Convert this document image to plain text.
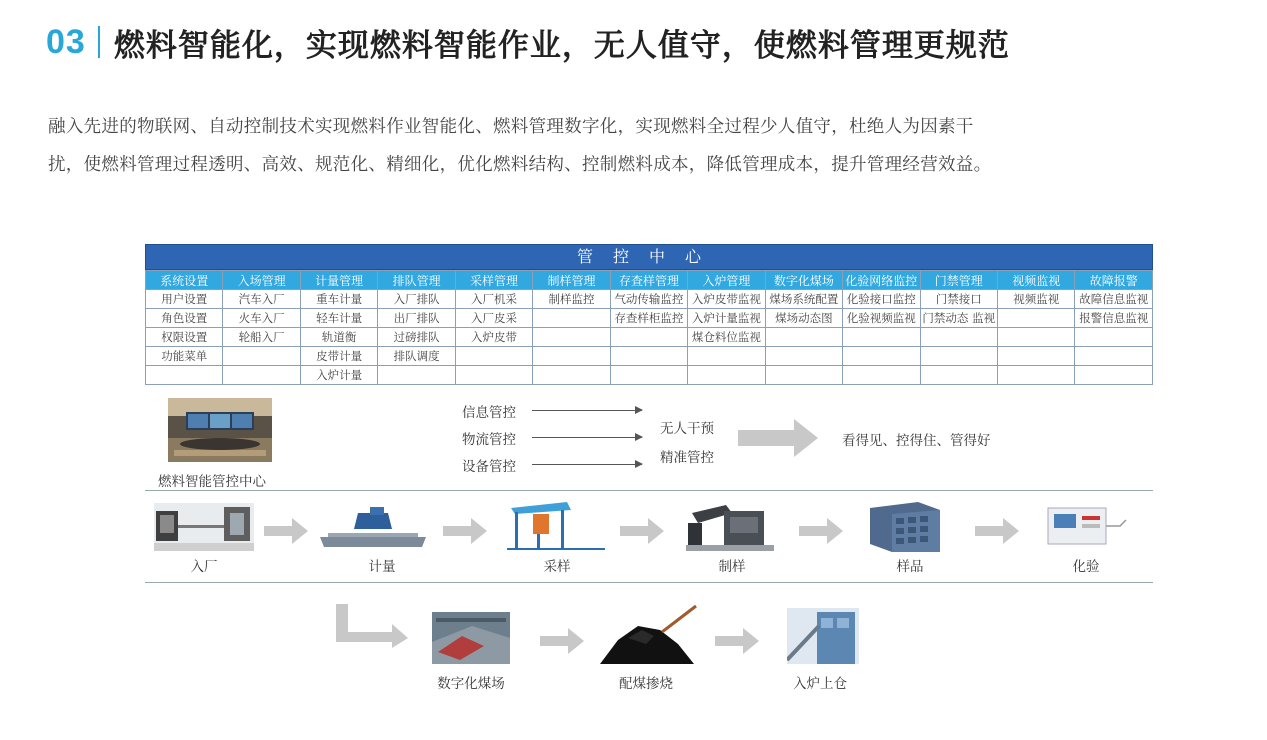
03 燃料智能化，实现燃料智能作业，无人值守，使燃料管理更规范
融入先进的物联网、自动控制技术实现燃料作业智能化、燃料管理数字化，实现燃料全过程少人值守，杜绝人为因素干
扰，使燃料管理过程透明、高效、规范化、精细化，优化燃料结构、控制燃料成本，降低管理成本，提升管理经营效益。
管控中心
系统设置	入场管理	计量管理	排队管理	采样管理	制样管理	存查样管理	入炉管理	数字化煤场	化验网络监控	门禁管理	视频监视	故障报警
用户设置	汽车入厂	重车计量	入厂排队	入厂机采	制样监控	气动传输监控	入炉皮带监视	煤场系统配置	化验接口监控	门禁接口	视频监视	故障信息监视
角色设置	火车入厂	轻车计量	出厂排队	入厂皮采		存查样柜监控	入炉计量监视	煤场动态图	化验视频监视	门禁动态 监视		报警信息监视
权限设置	轮船入厂	轨道衡	过磅排队	入炉皮带			煤仓料位监视					
功能菜单		皮带计量	排队调度									
		入炉计量										
燃料智能管控中心
信息管控
物流管控
设备管控
无人干预
精准管控
看得见、控得住、管得好
入厂	计量	采样	制样	样品	化验
数字化煤场	配煤掺烧	入炉上仓
